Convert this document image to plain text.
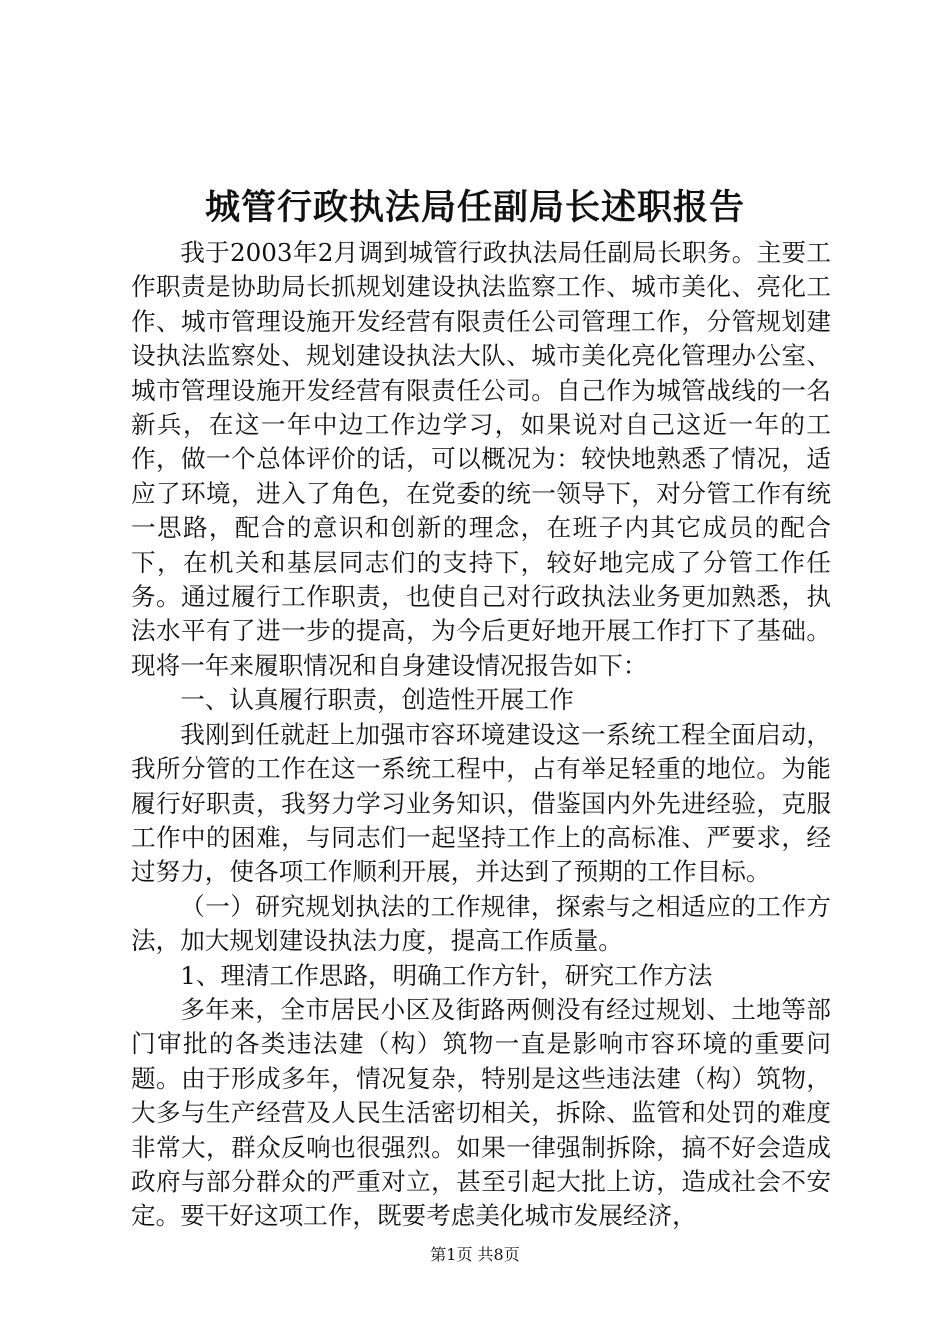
城管行政执法局任副局长述职报告

我于2003年2月调到城管行政执法局任副局长职务。主要工作职责是协助局长抓规划建设执法监察工作、城市美化、亮化工作、城市管理设施开发经营有限责任公司管理工作，分管规划建设执法监察处、规划建设执法大队、城市美化亮化管理办公室、城市管理设施开发经营有限责任公司。自己作为城管战线的一名新兵，在这一年中边工作边学习，如果说对自己这近一年的工作，做一个总体评价的话，可以概况为：较快地熟悉了情况，适应了环境，进入了角色，在党委的统一领导下，对分管工作有统一思路，配合的意识和创新的理念，在班子内其它成员的配合下，在机关和基层同志们的支持下，较好地完成了分管工作任务。通过履行工作职责，也使自己对行政执法业务更加熟悉，执法水平有了进一步的提高，为今后更好地开展工作打下了基础。现将一年来履职情况和自身建设情况报告如下：

一、认真履行职责，创造性开展工作

我刚到任就赶上加强市容环境建设这一系统工程全面启动，我所分管的工作在这一系统工程中，占有举足轻重的地位。为能履行好职责，我努力学习业务知识，借鉴国内外先进经验，克服工作中的困难，与同志们一起坚持工作上的高标准、严要求，经过努力，使各项工作顺利开展，并达到了预期的工作目标。

（一）研究规划执法的工作规律，探索与之相适应的工作方法，加大规划建设执法力度，提高工作质量。

1、理清工作思路，明确工作方针，研究工作方法

多年来，全市居民小区及街路两侧没有经过规划、土地等部门审批的各类违法建（构）筑物一直是影响市容环境的重要问题。由于形成多年，情况复杂，特别是这些违法建（构）筑物，大多与生产经营及人民生活密切相关，拆除、监管和处罚的难度非常大，群众反响也很强烈。如果一律强制拆除，搞不好会造成政府与部分群众的严重对立，甚至引起大批上访，造成社会不安定。要干好这项工作，既要考虑美化城市发展经济，

第1页 共8页
